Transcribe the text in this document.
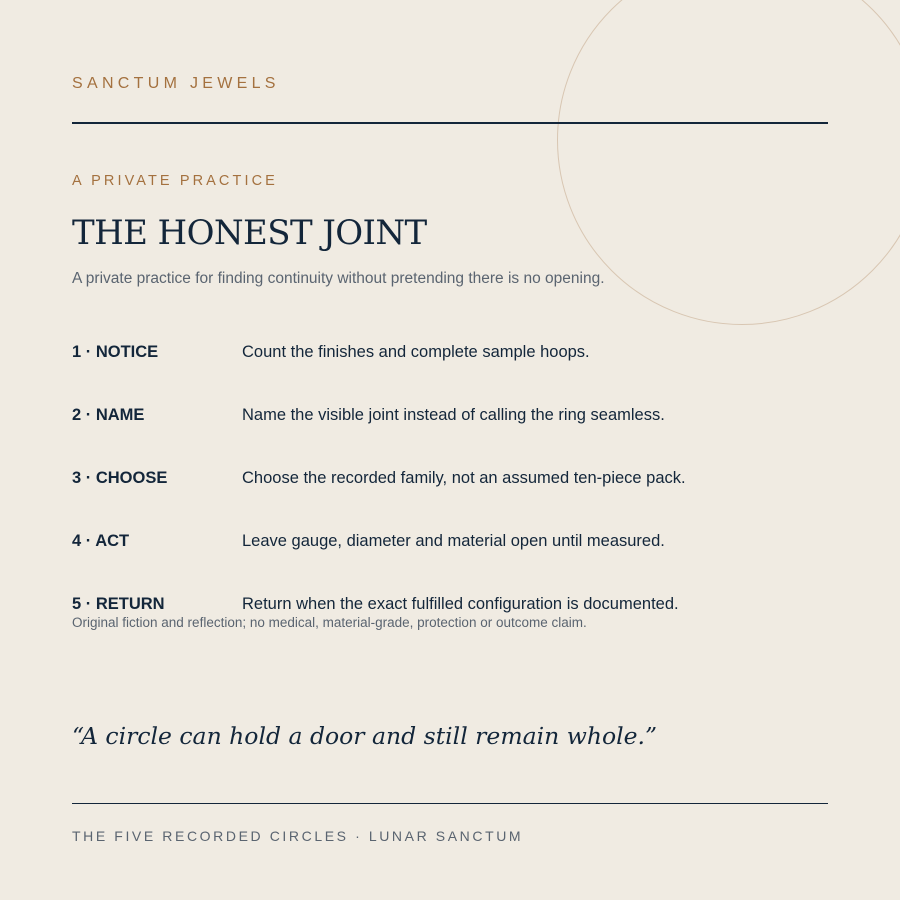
SANCTUM JEWELS
A PRIVATE PRACTICE
THE HONEST JOINT
A private practice for finding continuity without pretending there is no opening.
1 · NOTICE	Count the finishes and complete sample hoops.
2 · NAME	Name the visible joint instead of calling the ring seamless.
3 · CHOOSE	Choose the recorded family, not an assumed ten-piece pack.
4 · ACT	Leave gauge, diameter and material open until measured.
5 · RETURN	Return when the exact fulfilled configuration is documented.
Original fiction and reflection; no medical, material-grade, protection or outcome claim.
“A circle can hold a door and still remain whole.”
THE FIVE RECORDED CIRCLES · LUNAR SANCTUM
